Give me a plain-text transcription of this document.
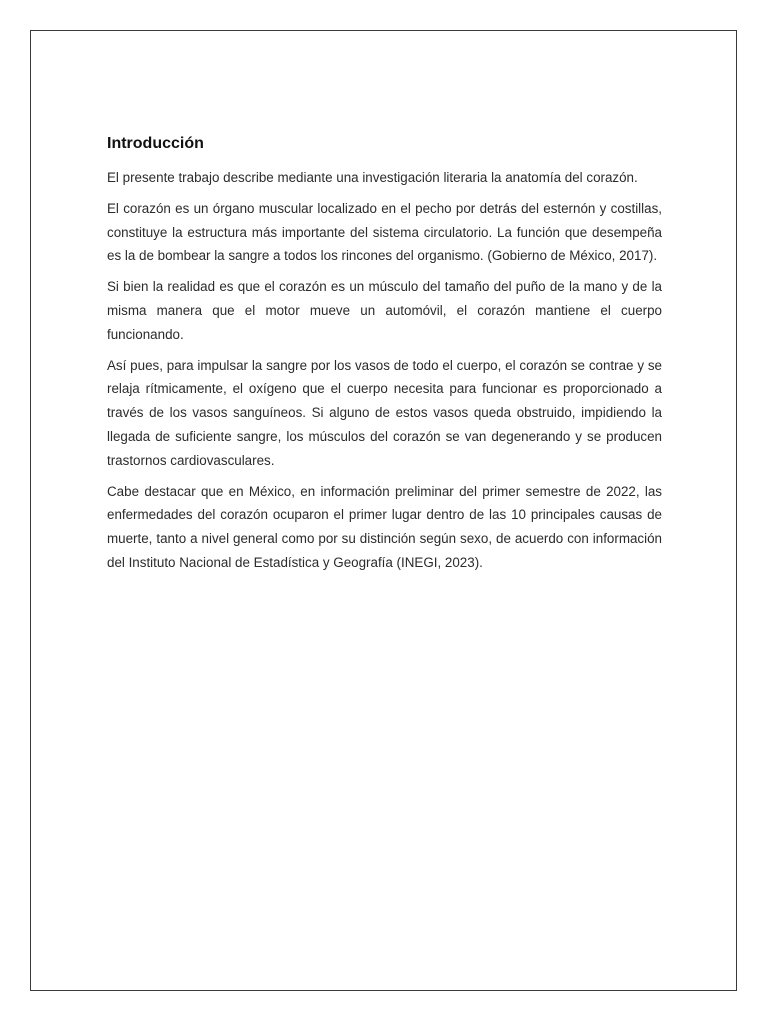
Introducción

El presente trabajo describe mediante una investigación literaria la anatomía del corazón.

El corazón es un órgano muscular localizado en el pecho por detrás del esternón y costillas, constituye la estructura más importante del sistema circulatorio. La función que desempeña es la de bombear la sangre a todos los rincones del organismo. (Gobierno de México, 2017).

Si bien la realidad es que el corazón es un músculo del tamaño del puño de la mano y de la misma manera que el motor mueve un automóvil, el corazón mantiene el cuerpo funcionando.

Así pues, para impulsar la sangre por los vasos de todo el cuerpo, el corazón se contrae y se relaja rítmicamente, el oxígeno que el cuerpo necesita para funcionar es proporcionado a través de los vasos sanguíneos. Si alguno de estos vasos queda obstruido, impidiendo la llegada de suficiente sangre, los músculos del corazón se van degenerando y se producen trastornos cardiovasculares.

Cabe destacar que en México, en información preliminar del primer semestre de 2022, las enfermedades del corazón ocuparon el primer lugar dentro de las 10 principales causas de muerte, tanto a nivel general como por su distinción según sexo, de acuerdo con información del Instituto Nacional de Estadística y Geografía (INEGI, 2023).
